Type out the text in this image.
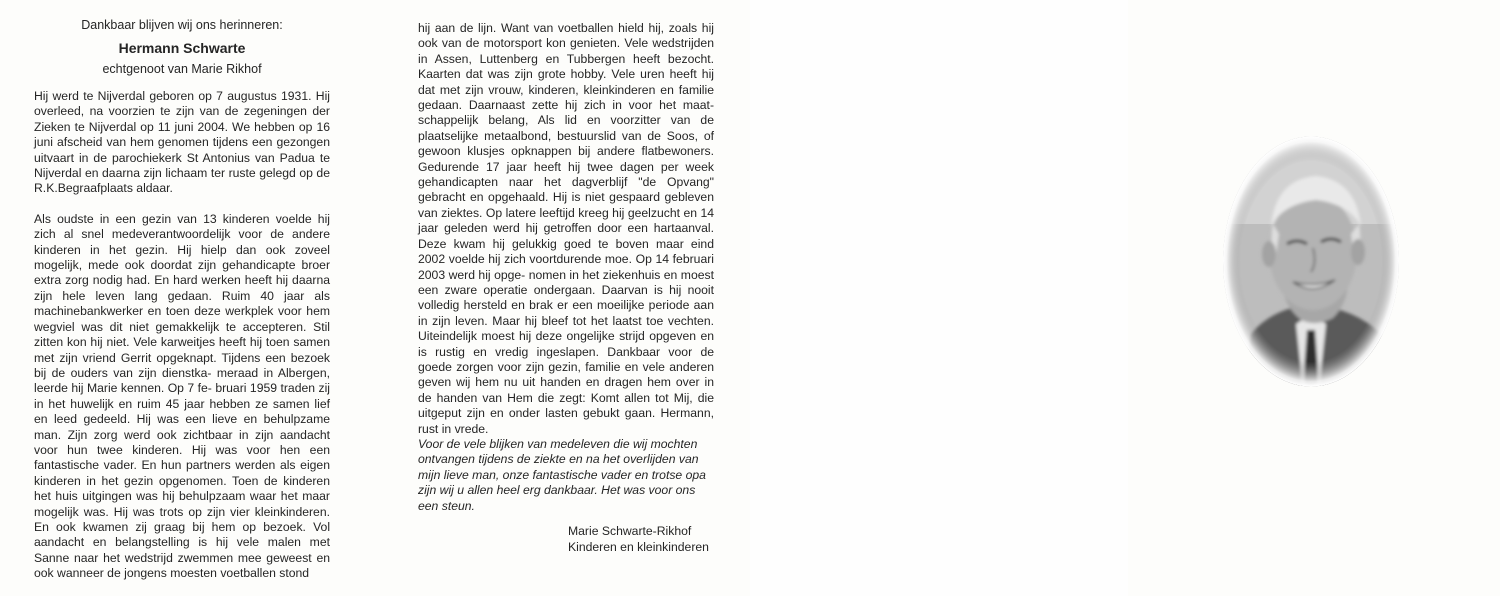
Dankbaar blijven wij ons herinneren:
Hermann Schwarte
echtgenoot van Marie Rikhof

Hij werd te Nijverdal geboren op 7 augustus 1931. Hij overleed, na voorzien te zijn van de zegeningen der Zieken te Nijverdal op 11 juni 2004. We hebben op 16 juni afscheid van hem genomen tijdens een gezongen uitvaart in de parochiekerk St Antonius van Padua te Nijverdal en daarna zijn lichaam ter ruste gelegd op de R.K.Begraafplaats aldaar.

Als oudste in een gezin van 13 kinderen voelde hij zich al snel medeverantwoordelijk voor de andere kinderen in het gezin. Hij hielp dan ook zoveel mogelijk, mede ook doordat zijn gehandicapte broer extra zorg nodig had. En hard werken heeft hij daarna zijn hele leven lang gedaan. Ruim 40 jaar als machinebankwerker en toen deze werkplek voor hem wegviel was dit niet gemakkelijk te accepteren. Stil zitten kon hij niet. Vele karweitjes heeft hij toen samen met zijn vriend Gerrit opgeknapt. Tijdens een bezoek bij de ouders van zijn dienstka- meraad in Albergen, leerde hij Marie kennen. Op 7 fe- bruari 1959 traden zij in het huwelijk en ruim 45 jaar hebben ze samen lief en leed gedeeld. Hij was een lieve en behulpzame man. Zijn zorg werd ook zichtbaar in zijn aandacht voor hun twee kinderen. Hij was voor hen een fantastische vader. En hun partners werden als eigen kinderen in het gezin opgenomen. Toen de kinderen het huis uitgingen was hij behulpzaam waar het maar mogelijk was. Hij was trots op zijn vier kleinkinderen. En ook kwamen zij graag bij hem op bezoek. Vol aandacht en belangstelling is hij vele malen met Sanne naar het wedstrijd zwemmen mee geweest en ook wanneer de jongens moesten voetballen stond

hij aan de lijn. Want van voetballen hield hij, zoals hij ook van de motorsport kon genieten. Vele wedstrijden in Assen, Luttenberg en Tubbergen heeft bezocht. Kaarten dat was zijn grote hobby. Vele uren heeft hij dat met zijn vrouw, kinderen, kleinkinderen en familie gedaan. Daarnaast zette hij zich in voor het maat- schappelijk belang, Als lid en voorzitter van de plaatselijke metaalbond, bestuurslid van de Soos, of gewoon klusjes opknappen bij andere flatbewoners. Gedurende 17 jaar heeft hij twee dagen per week gehandicapten naar het dagverblijf "de Opvang" gebracht en opgehaald. Hij is niet gespaard gebleven van ziektes. Op latere leeftijd kreeg hij geelzucht en 14 jaar geleden werd hij getroffen door een hartaanval. Deze kwam hij gelukkig goed te boven maar eind 2002 voelde hij zich voortdurende moe. Op 14 februari 2003 werd hij opge- nomen in het ziekenhuis en moest een zware operatie ondergaan. Daarvan is hij nooit volledig hersteld en brak er een moeilijke periode aan in zijn leven. Maar hij bleef tot het laatst toe vechten. Uiteindelijk moest hij deze ongelijke strijd opgeven en is rustig en vredig ingeslapen. Dankbaar voor de goede zorgen voor zijn gezin, familie en vele anderen geven wij hem nu uit handen en dragen hem over in de handen van Hem die zegt: Komt allen tot Mij, die uitgeput zijn en onder lasten gebukt gaan. Hermann, rust in vrede.

Voor de vele blijken van medeleven die wij mochten
ontvangen tijdens de ziekte en na het overlijden van
mijn lieve man, onze fantastische vader en trotse opa
zijn wij u allen heel erg dankbaar. Het was voor ons
een steun.
Marie Schwarte-Rikhof
Kinderen en kleinkinderen
